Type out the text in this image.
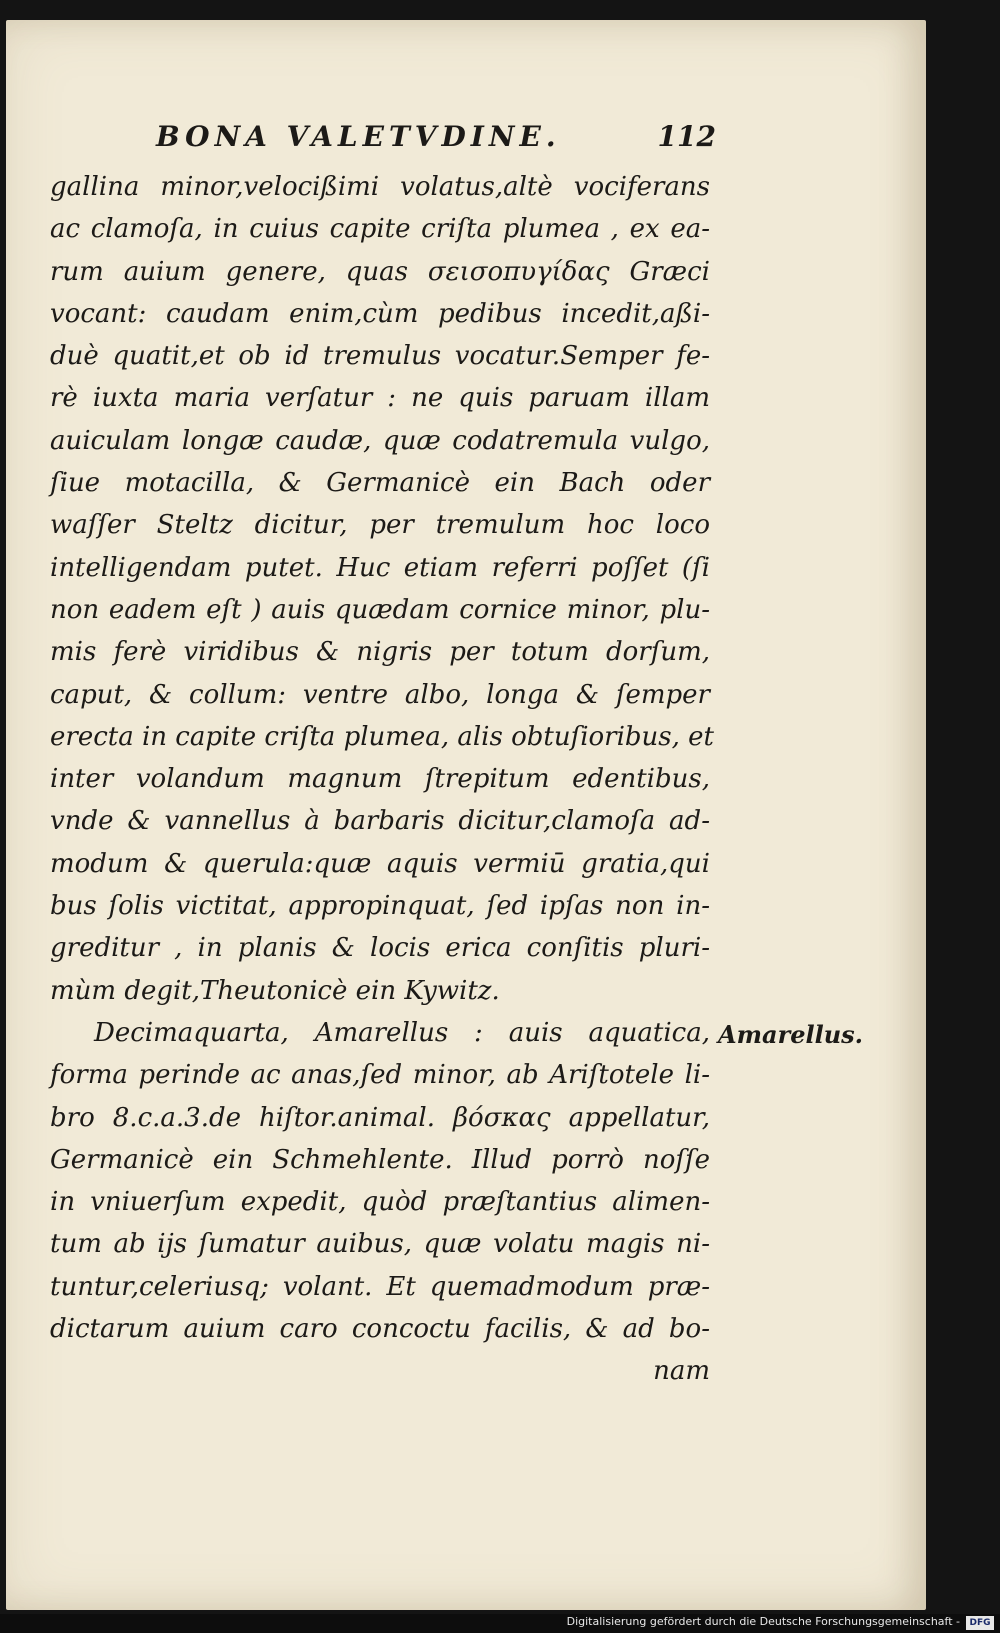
BONA VALETVDINE.	112
gallina minor,velocißimi volatus,altè vociferans
ac clamoſa, in cuius capite criſta plumea , ex ea-
rum auium genere, quas σεισοπυγίδας Græci
vocant: caudam enim,cùm pedibus incedit,aßi-
duè quatit,et ob id tremulus vocatur.Semper fe-
rè iuxta maria verſatur : ne quis paruam illam
auiculam longæ caudæ, quæ codatremula vulgo,
ſiue motacilla, & Germanicè ein Bach oder
waſſer Steltz dicitur, per tremulum hoc loco
intelligendam putet. Huc etiam referri poſſet (ſi
non eadem eſt ) auis quædam cornice minor, plu-
mis ferè viridibus & nigris per totum dorſum,
caput, & collum: ventre albo, longa & ſemper
erecta in capite criſta plumea, alis obtuſioribus, et
inter volandum magnum ſtrepitum edentibus,
vnde & vannellus à barbaris dicitur,clamoſa ad-
modum & querula:quæ aquis vermiū gratia,qui
bus ſolis victitat, appropinquat, ſed ipſas non in-
greditur , in planis & locis erica conſitis pluri-
mùm degit,Theutonicè ein Kywitz.
Decimaquarta, Amarellus : auis aquatica,
forma perinde ac anas,ſed minor, ab Ariſtotele li-
bro 8.c.a.3.de hiſtor.animal. βόσκας appellatur,
Germanicè ein Schmehlente. Illud porrò noſſe
in vniuerſum expedit, quòd præſtantius alimen-
tum ab ijs ſumatur auibus, quæ volatu magis ni-
tuntur,celeriusq; volant. Et quemadmodum præ-
dictarum auium caro concoctu facilis, & ad bo-
nam
Amarellus.
Digitalisierung gefördert durch die Deutsche Forschungsgemeinschaft -	DFG
